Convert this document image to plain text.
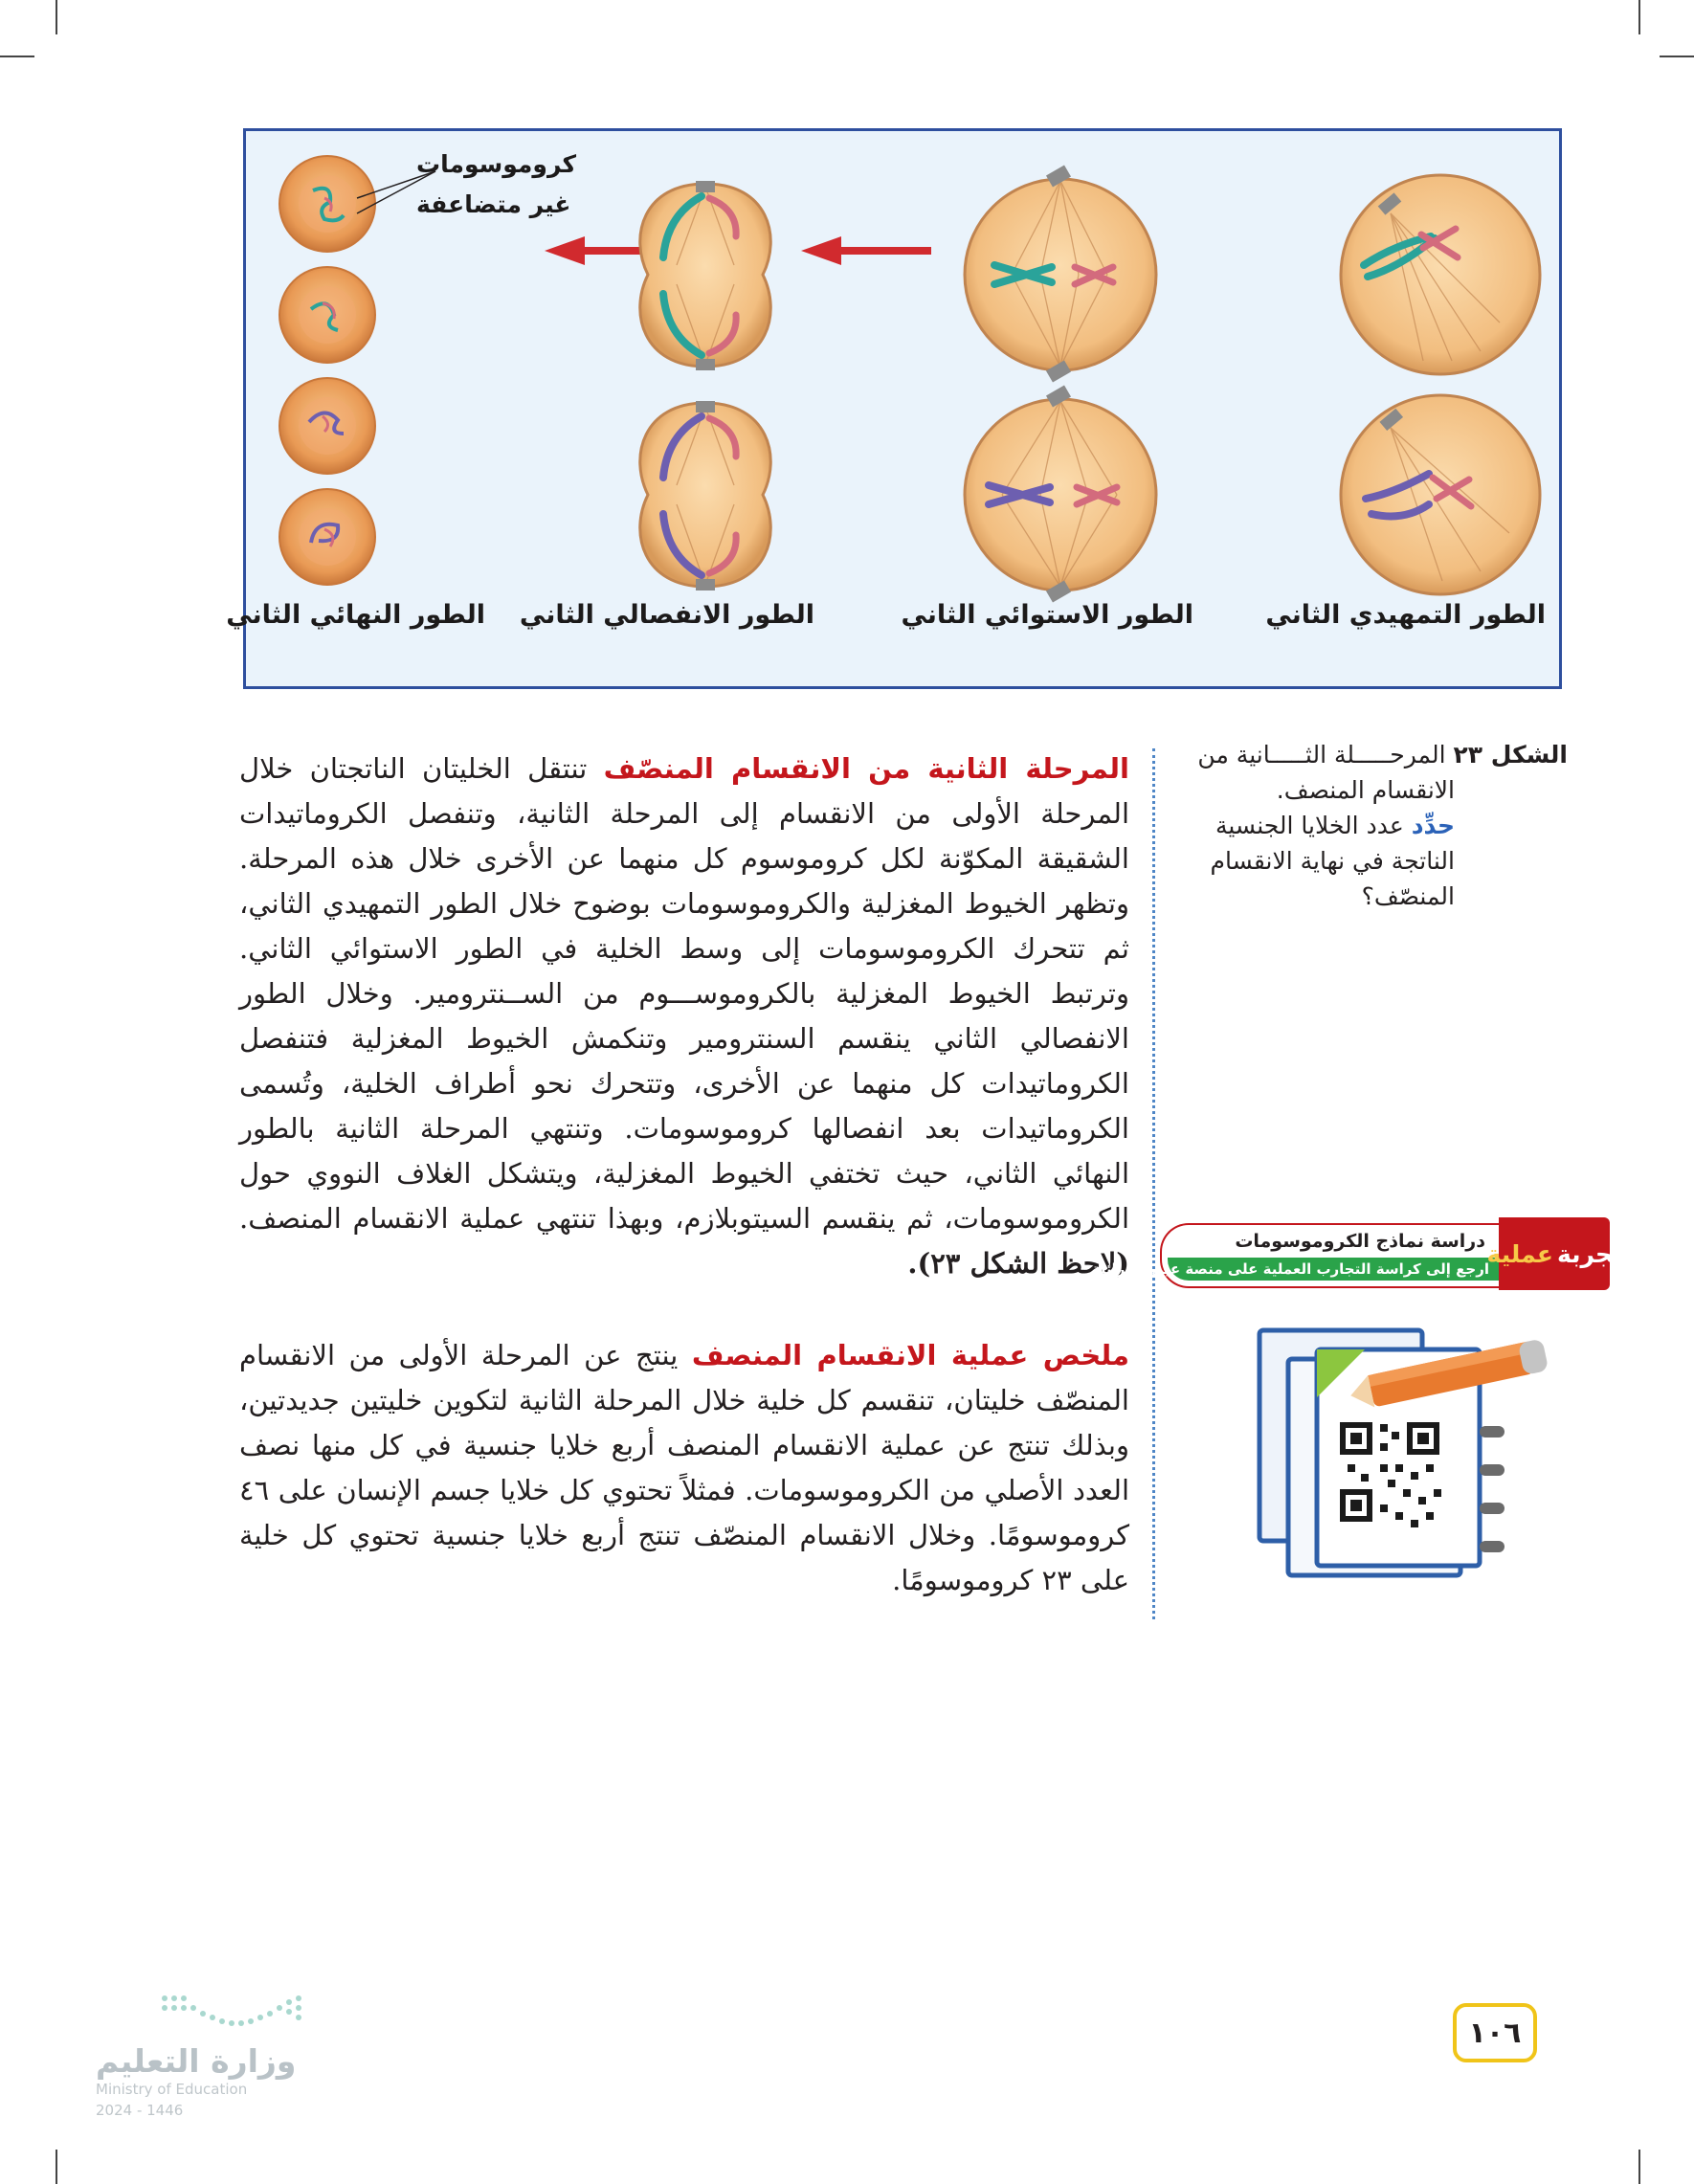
كروموسومات
غير متضاعفة
الطور التمهيدي الثاني
الطور الاستوائي الثاني
الطور الانفصالي الثاني
الطور النهائي الثاني
الشكل ٢٣ المرحـــــلة الثـــــانية من
الانقسام المنصف.
حدِّد عدد الخلايا الجنسية
الناتجة في نهاية الانقسام
المنصّف؟
المرحلة الثانية من الانقسام المنصّف تنتقل الخليتان الناتجتان خلال المرحلة الأولى من الانقسام إلى المرحلة الثانية، وتنفصل الكروماتيدات الشقيقة المكوّنة لكل كروموسوم كل منهما عن الأخرى خلال هذه المرحلة. وتظهر الخيوط المغزلية والكروموسومات بوضوح خلال الطور التمهيدي الثاني، ثم تتحرك الكروموسومات إلى وسط الخلية في الطور الاستوائي الثاني. وترتبط الخيوط المغزلية بالكروموســـوم من الســنترومير. وخلال الطور الانفصالي الثاني ينقسم السنترومير وتنكمش الخيوط المغزلية فتنفصل الكروماتيدات كل منهما عن الأخرى، وتتحرك نحو أطراف الخلية، وتُسمى الكروماتيدات بعد انفصالها كروموسومات. وتنتهي المرحلة الثانية بالطور النهائي الثاني، حيث تختفي الخيوط المغزلية، ويتشكل الغلاف النووي حول الكروموسومات، ثم ينقسم السيتوبلازم، وبهذا تنتهي عملية الانقسام المنصف. (لاحظ الشكل ٢٣).
ملخص عملية الانقسام المنصف ينتج عن المرحلة الأولى من الانقسام المنصّف خليتان، تنقسم كل خلية خلال المرحلة الثانية لتكوين خليتين جديدتين، وبذلك تنتج عن عملية الانقسام المنصف أربع خلايا جنسية في كل منها نصف العدد الأصلي من الكروموسومات. فمثلاً تحتوي كل خلايا جسم الإنسان على ٤٦ كروموسومًا. وخلال الانقسام المنصّف تنتج أربع خلايا جنسية تحتوي كل خلية على ٢٣ كروموسومًا.
دراسة نماذج الكروموسومات
ارجع إلى كراسة التجارب العملية على منصة عين الإثرائية
تجربة
عملية
١٠٦
وزارة التعليم
Ministry of Education
2024 - 1446
